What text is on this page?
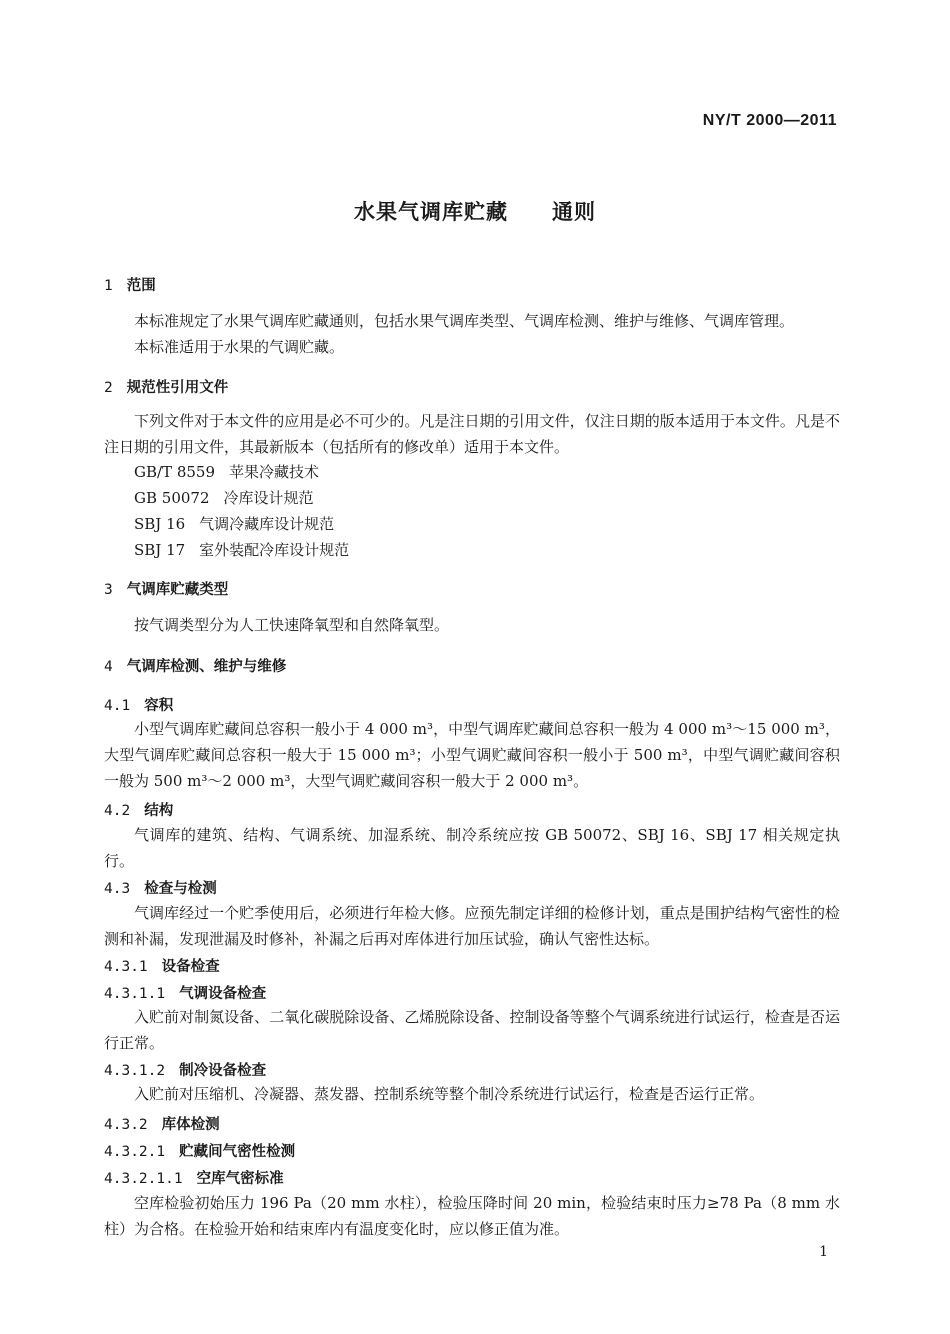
NY/T 2000—2011
水果气调库贮藏　　通则
1 范围
本标准规定了水果气调库贮藏通则，包括水果气调库类型、气调库检测、维护与维修、气调库管理。
本标准适用于水果的气调贮藏。
2 规范性引用文件
下列文件对于本文件的应用是必不可少的。凡是注日期的引用文件，仅注日期的版本适用于本文件。凡是不注日期的引用文件，其最新版本（包括所有的修改单）适用于本文件。
GB/T 8559 苹果冷藏技术
GB 50072 冷库设计规范
SBJ 16 气调冷藏库设计规范
SBJ 17 室外装配冷库设计规范
3 气调库贮藏类型
按气调类型分为人工快速降氧型和自然降氧型。
4 气调库检测、维护与维修
4.1 容积
小型气调库贮藏间总容积一般小于 4 000 m³，中型气调库贮藏间总容积一般为 4 000 m³～15 000 m³，大型气调库贮藏间总容积一般大于 15 000 m³；小型气调贮藏间容积一般小于 500 m³，中型气调贮藏间容积一般为 500 m³～2 000 m³，大型气调贮藏间容积一般大于 2 000 m³。
4.2 结构
气调库的建筑、结构、气调系统、加湿系统、制冷系统应按 GB 50072、SBJ 16、SBJ 17 相关规定执行。
4.3 检查与检测
气调库经过一个贮季使用后，必须进行年检大修。应预先制定详细的检修计划，重点是围护结构气密性的检测和补漏，发现泄漏及时修补，补漏之后再对库体进行加压试验，确认气密性达标。
4.3.1 设备检查
4.3.1.1 气调设备检查
入贮前对制氮设备、二氧化碳脱除设备、乙烯脱除设备、控制设备等整个气调系统进行试运行，检查是否运行正常。
4.3.1.2 制冷设备检查
入贮前对压缩机、冷凝器、蒸发器、控制系统等整个制冷系统进行试运行，检查是否运行正常。
4.3.2 库体检测
4.3.2.1 贮藏间气密性检测
4.3.2.1.1 空库气密标准
空库检验初始压力 196 Pa（20 mm 水柱），检验压降时间 20 min，检验结束时压力≥78 Pa（8 mm 水柱）为合格。在检验开始和结束库内有温度变化时，应以修正值为准。
1
